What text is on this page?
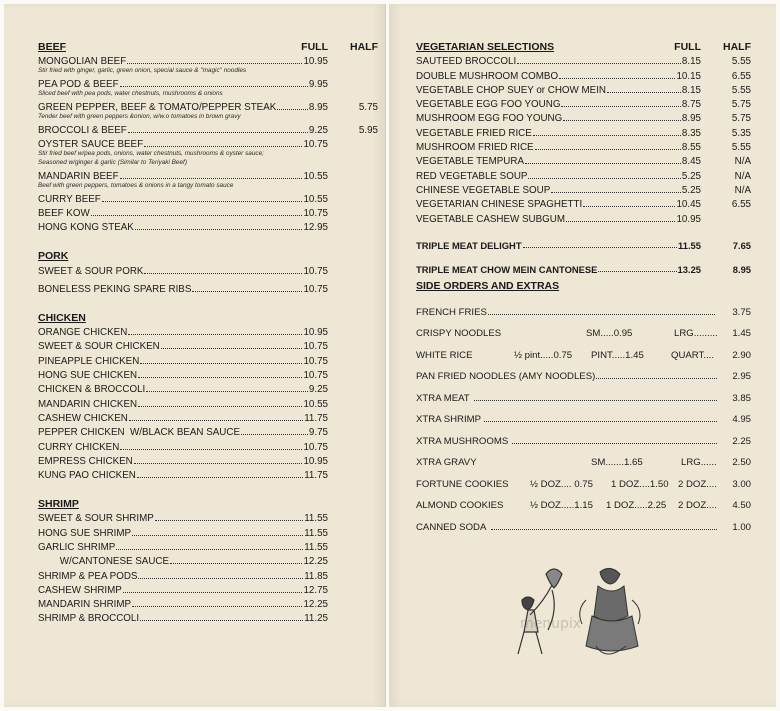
BEEF	FULL	HALF
MONGOLIAN BEEF	10.95
Stir fried with ginger, garlic, green onion, special sauce & "magic" noodles
PEA POD & BEEF	9.95
Sliced beef with pea pods, water chestnuts, mushrooms & onions
GREEN PEPPER, BEEF & TOMATO/PEPPER STEAK	8.95	5.75
Tender beef with green peppers &onion, w/w.o tomatoes in brown gravy
BROCCOLI & BEEF	9.25	5.95
OYSTER SAUCE BEEF	10.75
Stir fried beef w/pea pods, onions, water chestnuts, mushrooms & oyster sauce;
Seasoned w/ginger & garlic (Similar to Teriyaki Beef)
MANDARIN BEEF	10.55
Beef with green peppers, tomatoes & onions in a tangy tomato sauce
CURRY BEEF	10.55
BEEF KOW	10.75
HONG KONG STEAK	12.95
PORK
SWEET & SOUR PORK	10.75
BONELESS PEKING SPARE RIBS	10.75
CHICKEN
ORANGE CHICKEN	10.95
SWEET & SOUR CHICKEN	10.75
PINEAPPLE CHICKEN	10.75
HONG SUE CHICKEN	10.75
CHICKEN & BROCCOLI	9.25
MANDARIN CHICKEN	10.55
CASHEW CHICKEN	11.75
PEPPER CHICKEN  W/BLACK BEAN SAUCE	9.75
CURRY CHICKEN	10.75
EMPRESS CHICKEN	10.95
KUNG PAO CHICKEN	11.75
SHRIMP
SWEET & SOUR SHRIMP	11.55
HONG SUE SHRIMP	11.55
GARLIC SHRIMP	11.55
W/CANTONESE SAUCE	12.25
SHRIMP & PEA PODS	11.85
CASHEW SHRIMP	12.75
MANDARIN SHRIMP	12.25
SHRIMP & BROCCOLI	11.25
VEGETARIAN SELECTIONS	FULL	HALF
SAUTEED BROCCOLI	8.15	5.55
DOUBLE MUSHROOM COMBO	10.15	6.55
VEGETABLE CHOP SUEY or CHOW MEIN	8.15	5.55
VEGETABLE EGG FOO YOUNG	8.75	5.75
MUSHROOM EGG FOO YOUNG	8.95	5.75
VEGETABLE FRIED RICE	8.35	5.35
MUSHROOM FRIED RICE	8.55	5.55
VEGETABLE TEMPURA	8.45	N/A
RED VEGETABLE SOUP	5.25	N/A
CHINESE VEGETABLE SOUP	5.25	N/A
VEGETARIAN CHINESE SPAGHETTI	10.45	6.55
VEGETABLE CASHEW SUBGUM	10.95
TRIPLE MEAT DELIGHT	11.55	7.65
TRIPLE MEAT CHOW MEIN CANTONESE	13.25	8.95
SIDE ORDERS AND EXTRAS
FRENCH FRIES	3.75
CRISPY NOODLES	SM.....0.95	LRG......... 1.45
WHITE RICE	½ pint.....0.75 PINT.....1.45	QUART.... 2.90
PAN FRIED NOODLES (AMY NOODLES)	2.95
XTRA MEAT	3.85
XTRA SHRIMP	4.95
XTRA MUSHROOMS	2.25
XTRA GRAVY	SM.......1.65	LRG...... 2.50
FORTUNE COOKIES ½ DOZ.... 0.75 1 DOZ....1.50 2 DOZ.... 3.00
ALMOND COOKIES	½ DOZ.....1.15 1 DOZ.....2.25 2 DOZ.... 4.50
CANNED SODA	1.00
menupix
